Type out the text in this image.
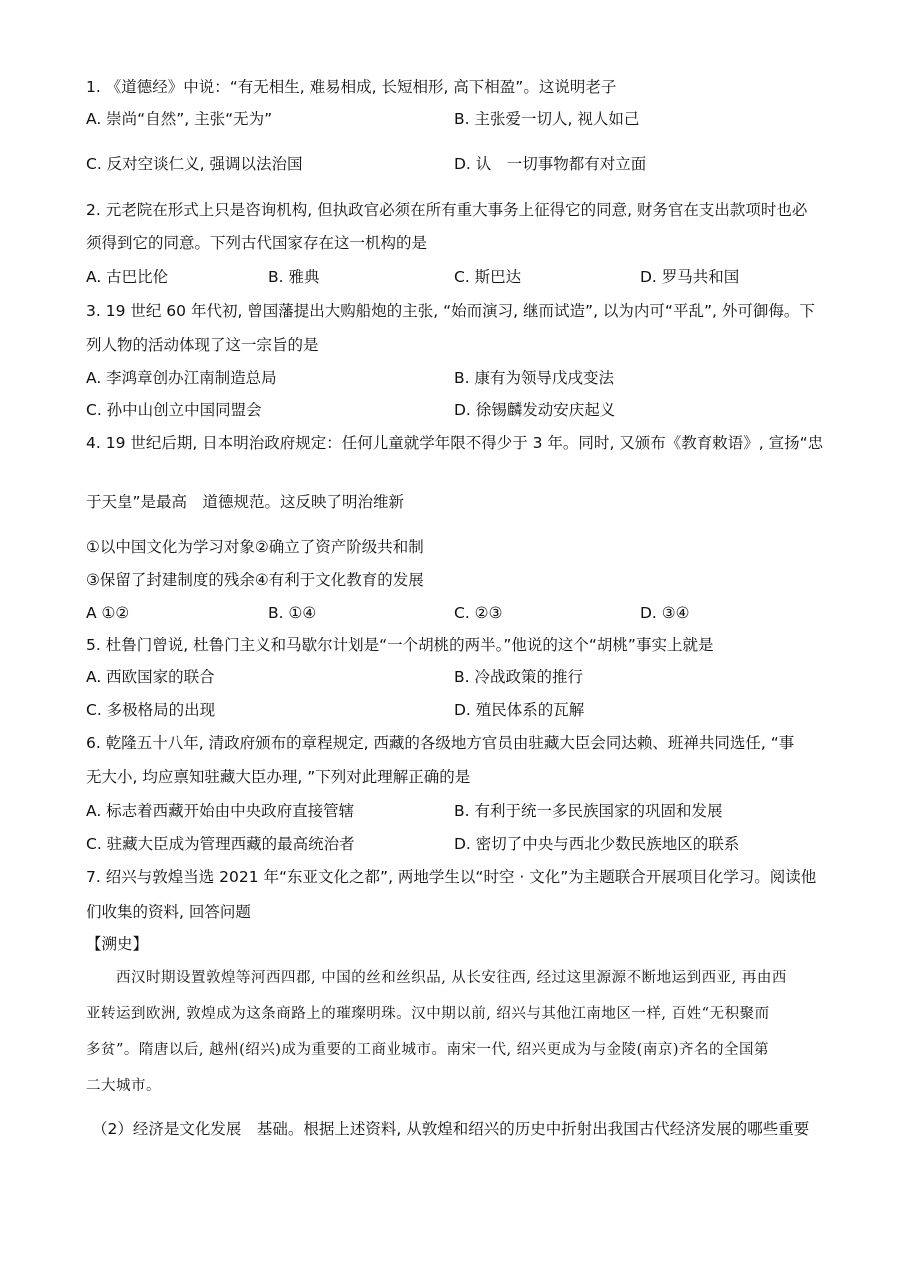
1. 《道德经》中说：“有无相生, 难易相成, 长短相形, 高下相盈”。这说明老子
A. 崇尚“自然”, 主张“无为”	B. 主张爱一切人, 视人如己
C. 反对空谈仁义, 强调以法治国	D. 认　一切事物都有对立面
2. 元老院在形式上只是咨询机构, 但执政官必须在所有重大事务上征得它的同意, 财务官在支出款项时也必
须得到它的同意。下列古代国家存在这一机构的是
A. 古巴比伦	B. 雅典	C. 斯巴达	D. 罗马共和国
3. 19 世纪 60 年代初, 曾国藩提出大购船炮的主张, “始而演习, 继而试造”, 以为内可“平乱”, 外可御侮。下
列人物的活动体现了这一宗旨的是
A. 李鸿章创办江南制造总局	B. 康有为领导戊戌变法
C. 孙中山创立中国同盟会	D. 徐锡麟发动安庆起义
4. 19 世纪后期, 日本明治政府规定：任何儿童就学年限不得少于 3 年。同时, 又颁布《教育敕语》, 宣扬“忠
于天皇”是最高　道德规范。这反映了明治维新
①以中国文化为学习对象②确立了资产阶级共和制
③保留了封建制度的残余④有利于文化教育的发展
A ①②	B. ①④	C. ②③	D. ③④
5. 杜鲁门曾说, 杜鲁门主义和马歇尔计划是“一个胡桃的两半。”他说的这个“胡桃”事实上就是
A. 西欧国家的联合	B. 冷战政策的推行
C. 多极格局的出现	D. 殖民体系的瓦解
6. 乾隆五十八年, 清政府颁布的章程规定, 西藏的各级地方官员由驻藏大臣会同达赖、班禅共同选任, “事
无大小, 均应禀知驻藏大臣办理, ”下列对此理解正确的是
A. 标志着西藏开始由中央政府直接管辖	B. 有利于统一多民族国家的巩固和发展
C. 驻藏大臣成为管理西藏的最高统治者	D. 密切了中央与西北少数民族地区的联系
7. 绍兴与敦煌当选 2021 年“东亚文化之都”, 两地学生以“时空 · 文化”为主题联合开展项目化学习。阅读他
们收集的资料, 回答问题
【溯史】
西汉时期设置敦煌等河西四郡, 中国的丝和丝织品, 从长安往西, 经过这里源源不断地运到西亚, 再由西
亚转运到欧洲, 敦煌成为这条商路上的璀璨明珠。汉中期以前, 绍兴与其他江南地区一样, 百姓“无积聚而
多贫”。隋唐以后, 越州(绍兴)成为重要的工商业城市。南宋一代, 绍兴更成为与金陵(南京)齐名的全国第
二大城市。
（2）经济是文化发展　基础。根据上述资料, 从敦煌和绍兴的历史中折射出我国古代经济发展的哪些重要
